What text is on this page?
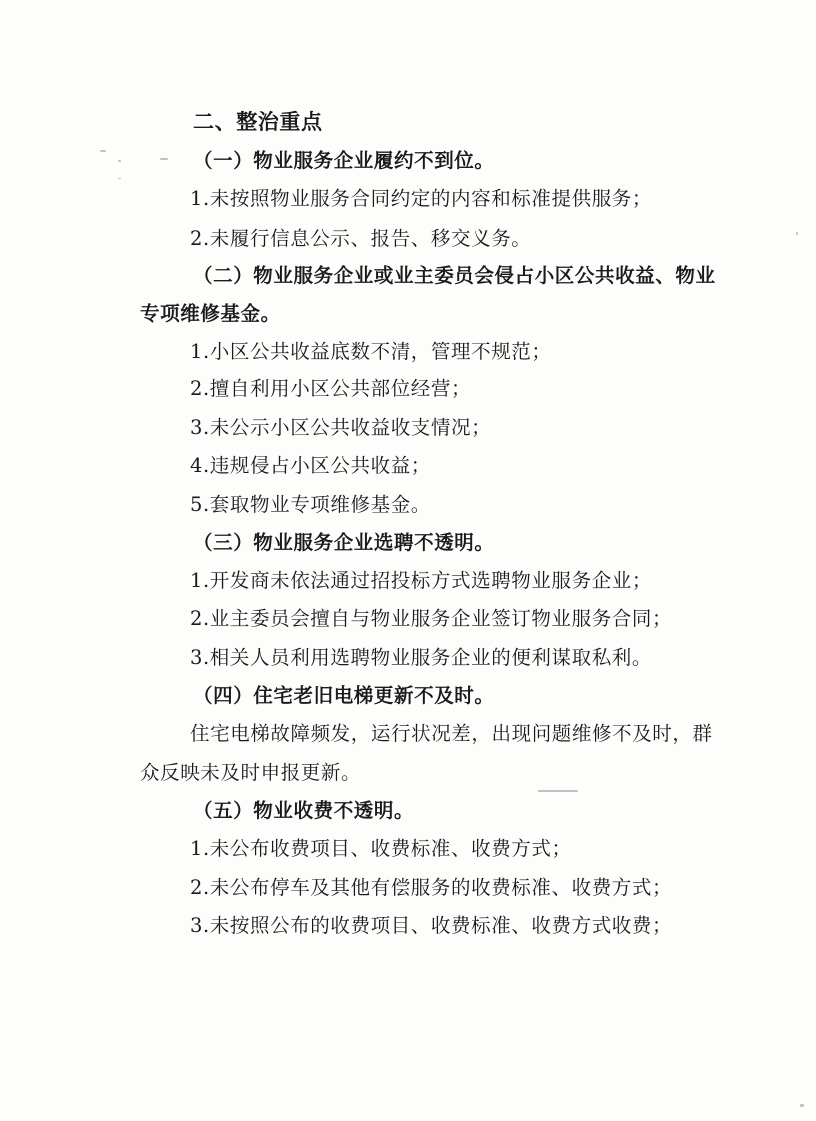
二、整治重点
（一）物业服务企业履约不到位。
1.未按照物业服务合同约定的内容和标准提供服务；
2.未履行信息公示、报告、移交义务。
（二）物业服务企业或业主委员会侵占小区公共收益、物业
专项维修基金。
1.小区公共收益底数不清，管理不规范；
2.擅自利用小区公共部位经营；
3.未公示小区公共收益收支情况；
4.违规侵占小区公共收益；
5.套取物业专项维修基金。
（三）物业服务企业选聘不透明。
1.开发商未依法通过招投标方式选聘物业服务企业；
2.业主委员会擅自与物业服务企业签订物业服务合同；
3.相关人员利用选聘物业服务企业的便利谋取私利。
（四）住宅老旧电梯更新不及时。
住宅电梯故障频发，运行状况差，出现问题维修不及时，群
众反映未及时申报更新。
（五）物业收费不透明。
1.未公布收费项目、收费标准、收费方式；
2.未公布停车及其他有偿服务的收费标准、收费方式；
3.未按照公布的收费项目、收费标准、收费方式收费；
